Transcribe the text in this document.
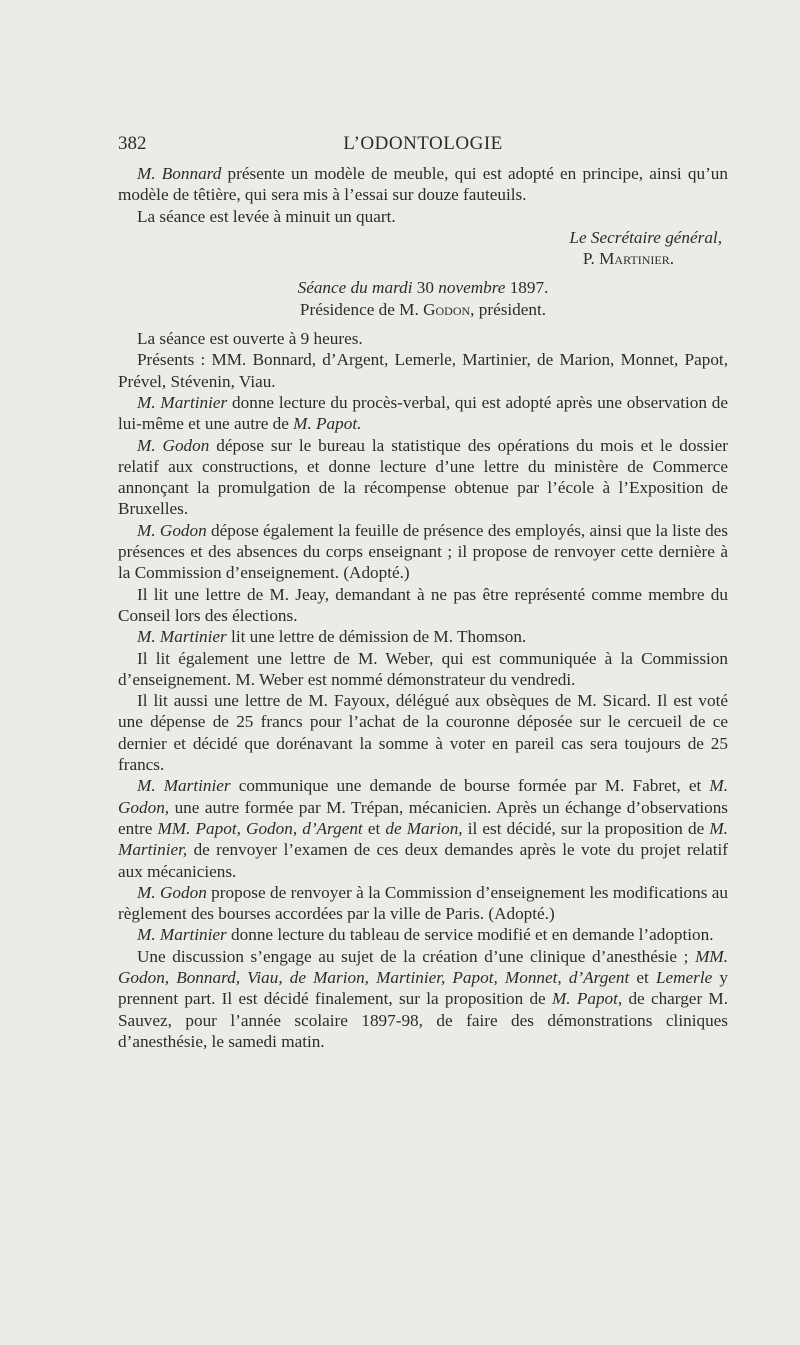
382	L’ODONTOLOGIE

M. Bonnard présente un modèle de meuble, qui est adopté en principe, ainsi qu’un modèle de têtière, qui sera mis à l’essai sur douze fauteuils.

La séance est levée à minuit un quart.

Le Secrétaire général,

P. Martinier.

Séance du mardi 30 novembre 1897.

Présidence de M. Godon, président.

La séance est ouverte à 9 heures.

Présents : MM. Bonnard, d’Argent, Lemerle, Martinier, de Marion, Monnet, Papot, Prével, Stévenin, Viau.

M. Martinier donne lecture du procès-verbal, qui est adopté après une observation de lui-même et une autre de M. Papot.

M. Godon dépose sur le bureau la statistique des opérations du mois et le dossier relatif aux constructions, et donne lecture d’une lettre du ministère de Commerce annonçant la promulgation de la récompense obtenue par l’école à l’Exposition de Bruxelles.

M. Godon dépose également la feuille de présence des employés, ainsi que la liste des présences et des absences du corps enseignant ; il propose de renvoyer cette dernière à la Commission d’enseignement. (Adopté.)

Il lit une lettre de M. Jeay, demandant à ne pas être représenté comme membre du Conseil lors des élections.

M. Martinier lit une lettre de démission de M. Thomson.

Il lit également une lettre de M. Weber, qui est communiquée à la Commission d’enseignement. M. Weber est nommé démonstrateur du vendredi.

Il lit aussi une lettre de M. Fayoux, délégué aux obsèques de M. Sicard. Il est voté une dépense de 25 francs pour l’achat de la couronne déposée sur le cercueil de ce dernier et décidé que dorénavant la somme à voter en pareil cas sera toujours de 25 francs.

M. Martinier communique une demande de bourse formée par M. Fabret, et M. Godon, une autre formée par M. Trépan, mécanicien. Après un échange d’observations entre MM. Papot, Godon, d’Argent et de Marion, il est décidé, sur la proposition de M. Martinier, de renvoyer l’examen de ces deux demandes après le vote du projet relatif aux mécaniciens.

M. Godon propose de renvoyer à la Commission d’enseignement les modifications au règlement des bourses accordées par la ville de Paris. (Adopté.)

M. Martinier donne lecture du tableau de service modifié et en demande l’adoption.

Une discussion s’engage au sujet de la création d’une clinique d’anesthésie ; MM. Godon, Bonnard, Viau, de Marion, Martinier, Papot, Monnet, d’Argent et Lemerle y prennent part. Il est décidé finalement, sur la proposition de M. Papot, de charger M. Sauvez, pour l’année scolaire 1897-98, de faire des démonstrations cliniques d’anesthésie, le samedi matin.
